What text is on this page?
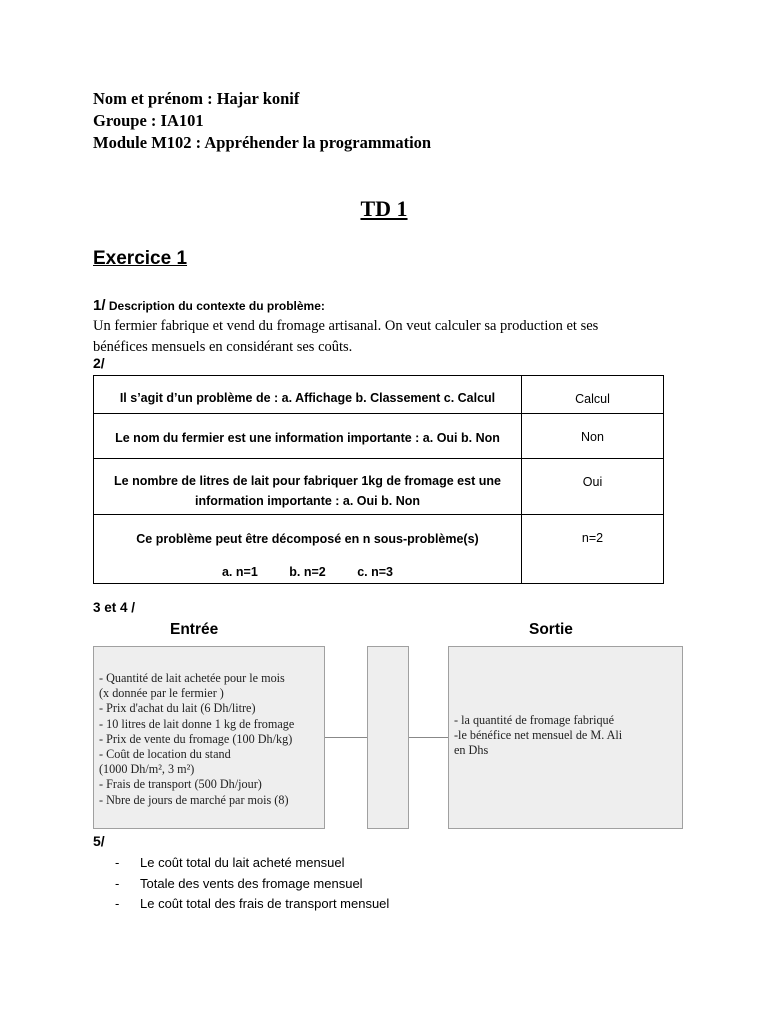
Nom et prénom : Hajar konif
Groupe : IA101
Module M102 : Appréhender la programmation
TD 1
Exercice 1
1/ Description du contexte du problème:
Un fermier fabrique et vend du fromage artisanal. On veut calculer sa production et ses bénéfices mensuels en considérant ses coûts.
2/
Il s’agit d’un problème de : a. Affichage b. Classement c. Calcul	Calcul
Le nom du fermier est une information importante : a. Oui b. Non	Non
Le nombre de litres de lait pour fabriquer 1kg de fromage est une information importante : a. Oui b. Non	Oui
Ce problème peut être décomposé en n sous-problème(s)
a. n=1 b. n=2 c. n=3	n=2
3 et 4 /
Entrée	Sortie
- Quantité de lait achetée pour le mois
(x donnée par le fermier )
- Prix d'achat du lait (6 Dh/litre)
- 10 litres de lait donne 1 kg de fromage
- Prix de vente du fromage (100 Dh/kg)
- Coût de location du stand
(1000 Dh/m², 3 m²)
- Frais de transport (500 Dh/jour)
- Nbre de jours de marché par mois (8)
- la quantité de fromage fabriqué
-le bénéfice net mensuel de M. Ali
en Dhs
5/
- Le coût total du lait acheté mensuel
- Totale des vents des fromage mensuel
- Le coût total des frais de transport mensuel
